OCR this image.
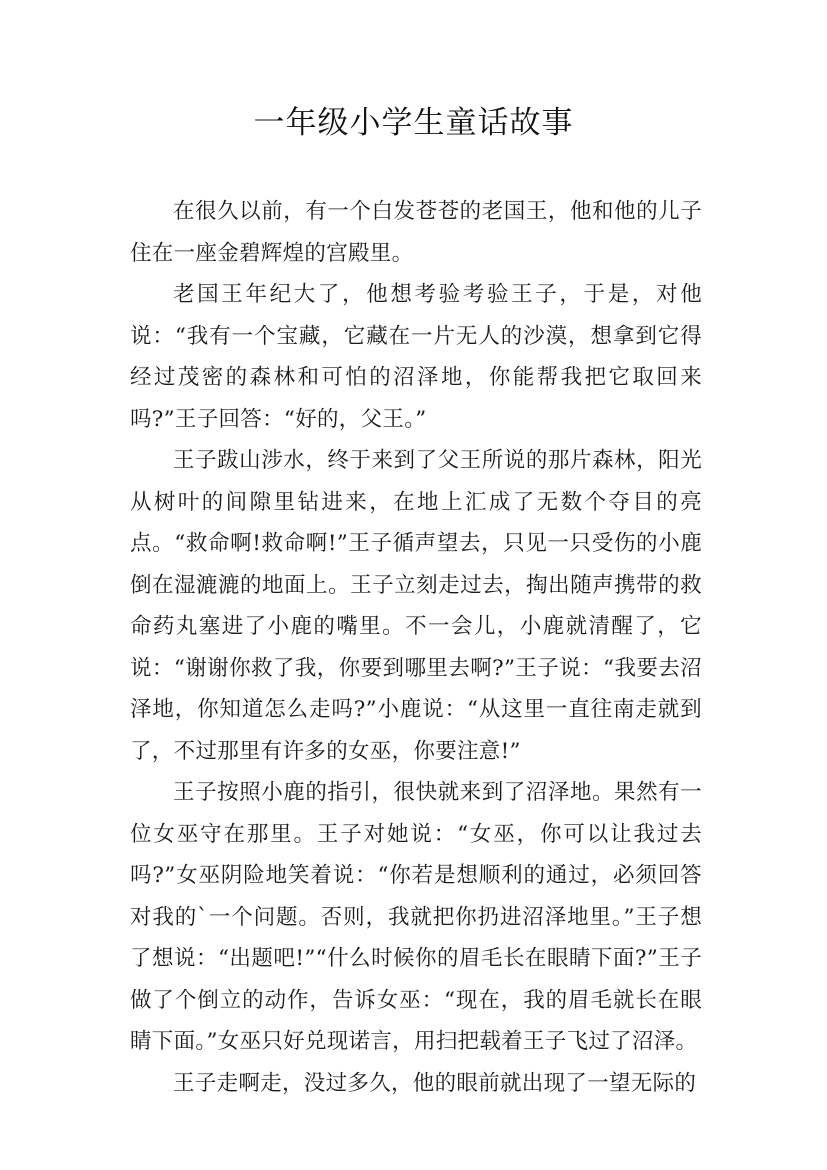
一年级小学生童话故事

在很久以前，有一个白发苍苍的老国王，他和他的儿子住在一座金碧辉煌的宫殿里。

老国王年纪大了，他想考验考验王子，于是，对他说：“我有一个宝藏，它藏在一片无人的沙漠，想拿到它得经过茂密的森林和可怕的沼泽地，你能帮我把它取回来吗?”王子回答：“好的，父王。”

王子跋山涉水，终于来到了父王所说的那片森林，阳光从树叶的间隙里钻进来，在地上汇成了无数个夺目的亮点。“救命啊!救命啊!”王子循声望去，只见一只受伤的小鹿倒在湿漉漉的地面上。王子立刻走过去，掏出随声携带的救命药丸塞进了小鹿的嘴里。不一会儿，小鹿就清醒了，它说：“谢谢你救了我，你要到哪里去啊?”王子说：“我要去沼泽地，你知道怎么走吗?”小鹿说：“从这里一直往南走就到了，不过那里有许多的女巫，你要注意!”

王子按照小鹿的指引，很快就来到了沼泽地。果然有一位女巫守在那里。王子对她说：“女巫，你可以让我过去吗?”女巫阴险地笑着说：“你若是想顺利的通过，必须回答对我的`一个问题。否则，我就把你扔进沼泽地里。”王子想了想说：“出题吧!”“什么时候你的眉毛长在眼睛下面?”王子做了个倒立的动作，告诉女巫：“现在，我的眉毛就长在眼睛下面。”女巫只好兑现诺言，用扫把载着王子飞过了沼泽。

王子走啊走，没过多久，他的眼前就出现了一望无际的
